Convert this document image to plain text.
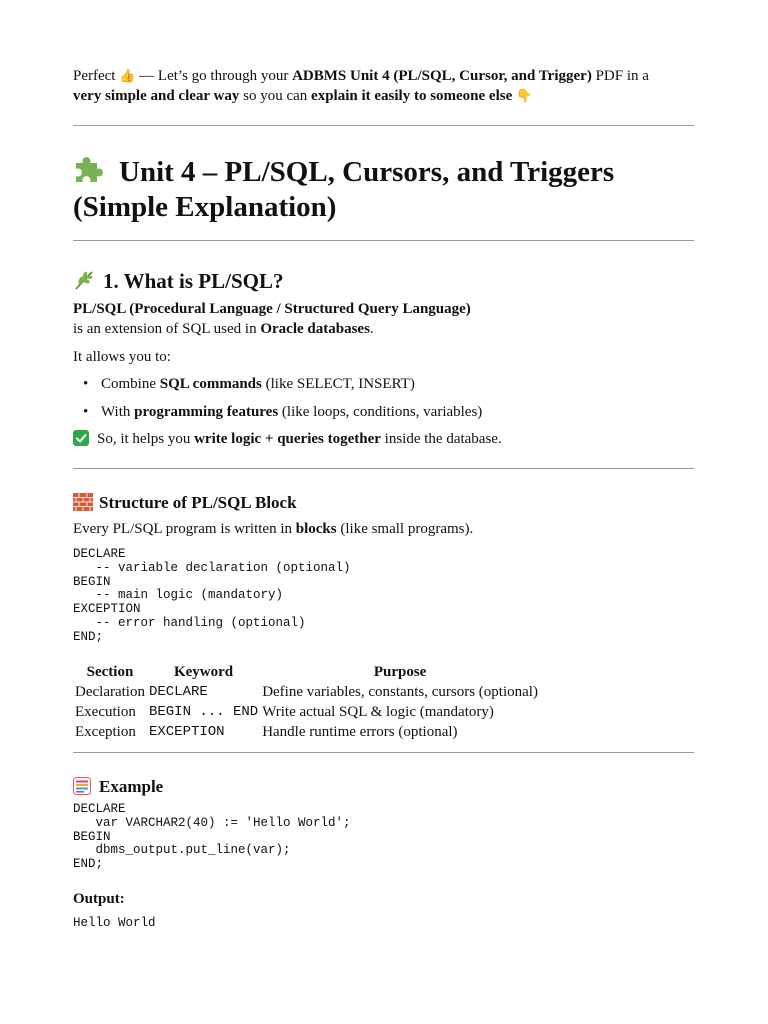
Perfect 👍 — Let’s go through your ADBMS Unit 4 (PL/SQL, Cursor, and Trigger) PDF in a
very simple and clear way so you can explain it easily to someone else 👇
Unit 4 – PL/SQL, Cursors, and Triggers (Simple Explanation)
1. What is PL/SQL?
PL/SQL (Procedural Language / Structured Query Language)
is an extension of SQL used in Oracle databases.
It allows you to:
• Combine SQL commands (like SELECT, INSERT)
• With programming features (like loops, conditions, variables)
So, it helps you write logic + queries together inside the database.
Structure of PL/SQL Block
Every PL/SQL program is written in blocks (like small programs).
DECLARE
-- variable declaration (optional)
BEGIN
-- main logic (mandatory)
EXCEPTION
-- error handling (optional)
END;
Section	Keyword	Purpose
Declaration	DECLARE	Define variables, constants, cursors (optional)
Execution	BEGIN ... END	Write actual SQL & logic (mandatory)
Exception	EXCEPTION	Handle runtime errors (optional)
Example
DECLARE
var VARCHAR2(40) := 'Hello World';
BEGIN
dbms_output.put_line(var);
END;
Output:
Hello World
